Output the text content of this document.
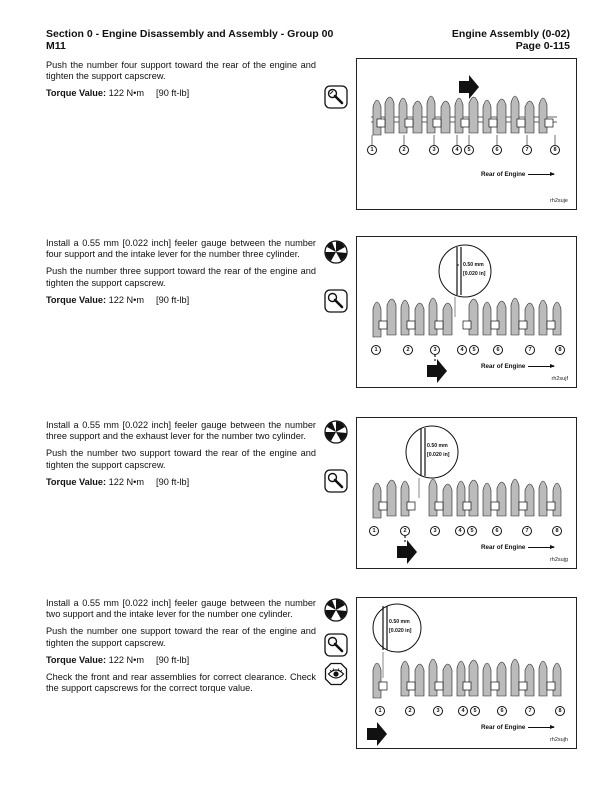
Section 0 - Engine Disassembly and Assembly - Group 00
M11
Engine Assembly (0-02)
Page 0-115

Push the number four support toward the rear of the engine and tighten the support capscrew.

Torque Value: 122 N•m [90 ft-lb]

1	2	3	4	5	6	7	8
Rear of Engine
rh2suje

Install a 0.55 mm [0.022 inch] feeler gauge between the number four support and the intake lever for the number three cylinder.

Push the number three support toward the rear of the engine and tighten the support capscrew.

Torque Value: 122 N•m [90 ft-lb]

0.50 mm
[0.020 in]
1	2	3	4	5	6	7	8
Rear of Engine
rh2sujf

Install a 0.55 mm [0.022 inch] feeler gauge between the number three support and the exhaust lever for the number two cylinder.

Push the number two support toward the rear of the engine and tighten the support capscrew.

Torque Value: 122 N•m [90 ft-lb]

0.50 mm
[0.020 in]
1	2	3	4	5	6	7	8
Rear of Engine
rh2sujg

Install a 0.55 mm [0.022 inch] feeler gauge between the number two support and the intake lever for the number one cylinder.

Push the number one support toward the rear of the engine and tighten the support capscrew.

Torque Value: 122 N•m [90 ft-lb]

Check the front and rear assemblies for correct clearance. Check the support capscrews for the correct torque value.

0.50 mm
[0.020 in]
1	2	3	4	5	6	7	8
Rear of Engine
rh2sujh
